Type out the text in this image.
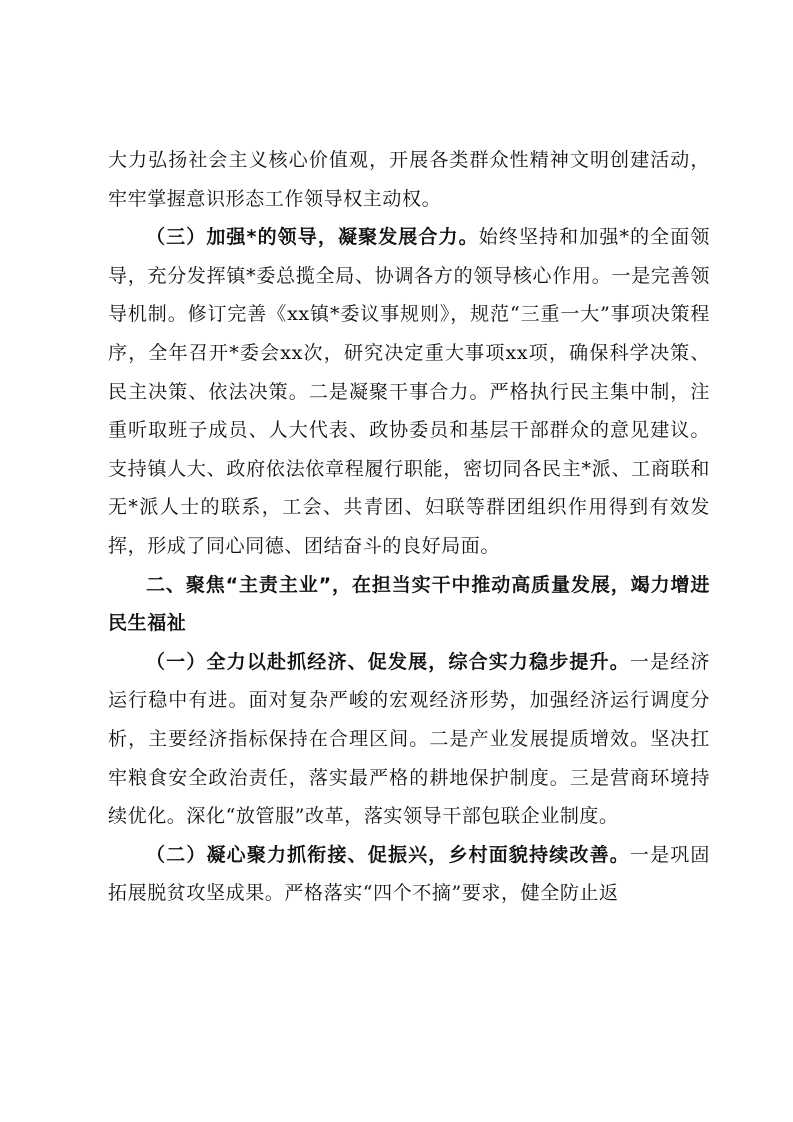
大力弘扬社会主义核心价值观，开展各类群众性精神文明创建活动，牢牢掌握意识形态工作领导权主动权。

（三）加强*的领导，凝聚发展合力。始终坚持和加强*的全面领导，充分发挥镇*委总揽全局、协调各方的领导核心作用。一是完善领导机制。修订完善《xx镇*委议事规则》，规范“三重一大”事项决策程序，全年召开*委会xx次，研究决定重大事项xx项，确保科学决策、民主决策、依法决策。二是凝聚干事合力。严格执行民主集中制，注重听取班子成员、人大代表、政协委员和基层干部群众的意见建议。支持镇人大、政府依法依章程履行职能，密切同各民主*派、工商联和无*派人士的联系，工会、共青团、妇联等群团组织作用得到有效发挥，形成了同心同德、团结奋斗的良好局面。

二、聚焦“主责主业”，在担当实干中推动高质量发展，竭力增进民生福祉

（一）全力以赴抓经济、促发展，综合实力稳步提升。一是经济运行稳中有进。面对复杂严峻的宏观经济形势，加强经济运行调度分析，主要经济指标保持在合理区间。二是产业发展提质增效。坚决扛牢粮食安全政治责任，落实最严格的耕地保护制度。三是营商环境持续优化。深化“放管服”改革，落实领导干部包联企业制度。

（二）凝心聚力抓衔接、促振兴，乡村面貌持续改善。一是巩固拓展脱贫攻坚成果。严格落实“四个不摘”要求，健全防止返
